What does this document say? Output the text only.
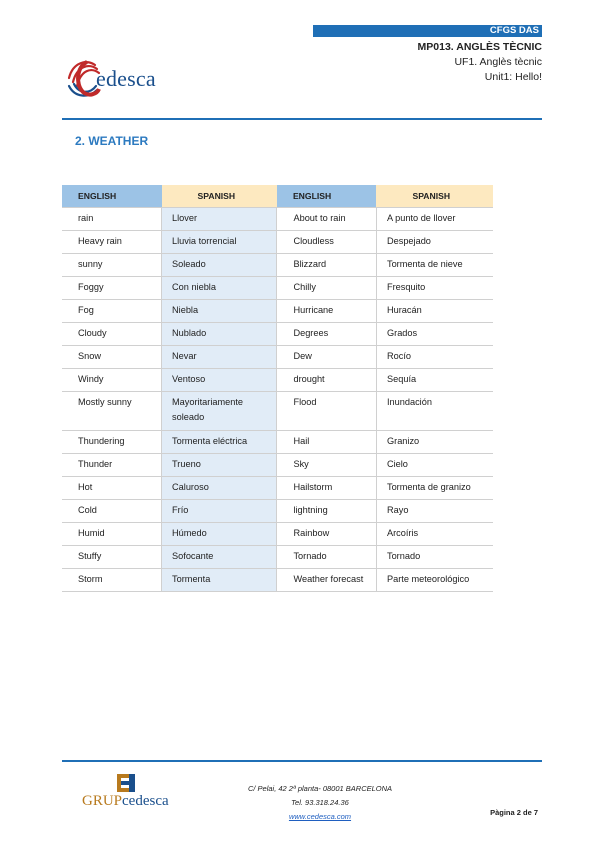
CFGS DAS
MP013. ANGLÈS TÈCNIC
UF1. Anglès tècnic
Unit1: Hello!
edesca
2. WEATHER
ENGLISH	SPANISH	ENGLISH	SPANISH
rain	Llover	About to rain	A punto de llover
Heavy rain	Lluvia torrencial	Cloudless	Despejado
sunny	Soleado	Blizzard	Tormenta de nieve
Foggy	Con niebla	Chilly	Fresquito
Fog	Niebla	Hurricane	Huracán
Cloudy	Nublado	Degrees	Grados
Snow	Nevar	Dew	Rocío
Windy	Ventoso	drought	Sequía
Mostly sunny	Mayoritariamente soleado	Flood	Inundación
Thundering	Tormenta eléctrica	Hail	Granizo
Thunder	Trueno	Sky	Cielo
Hot	Caluroso	Hailstorm	Tormenta de granizo
Cold	Frío	lightning	Rayo
Humid	Húmedo	Rainbow	Arcoíris
Stuffy	Sofocante	Tornado	Tornado
Storm	Tormenta	Weather forecast	Parte meteorológico
GRUPcedesca
C/ Pelai, 42 2ª planta- 08001 BARCELONA
Tel. 93.318.24.36
www.cedesca.com	Pàgina 2 de 7
